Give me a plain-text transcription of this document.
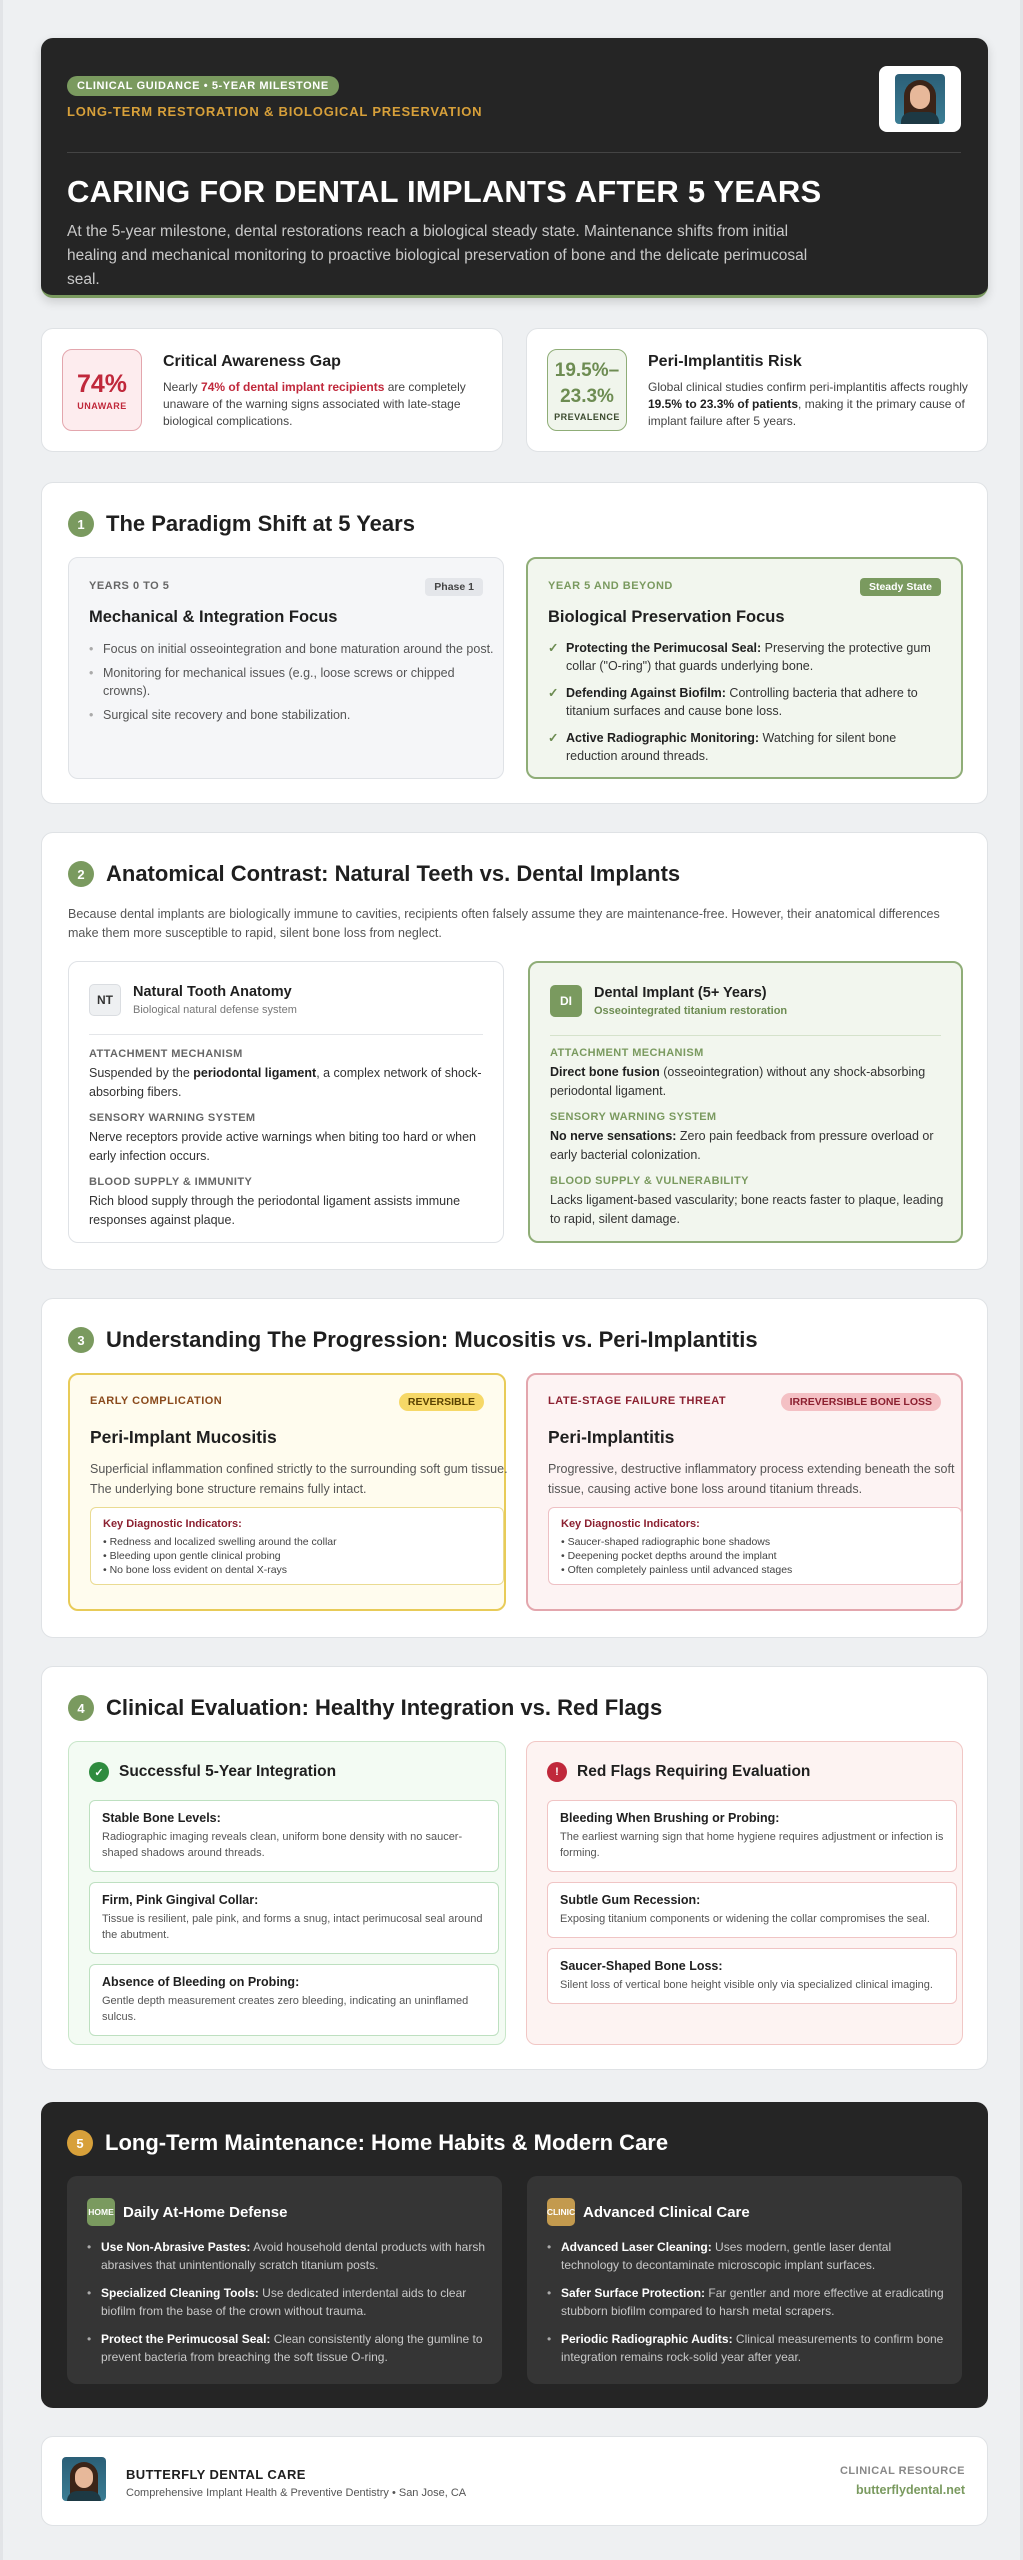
CLINICAL GUIDANCE • 5-YEAR MILESTONE
LONG-TERM RESTORATION & BIOLOGICAL PRESERVATION
CARING FOR DENTAL IMPLANTS AFTER 5 YEARS

At the 5-year milestone, dental restorations reach a biological steady state. Maintenance shifts from initial healing and mechanical monitoring to proactive biological preservation of bone and the delicate perimucosal seal.

74%
UNAWARE
Critical Awareness Gap

Nearly 74% of dental implant recipients are completely unaware of the warning signs associated with late-stage biological complications.

19.5%–
23.3%
PREVALENCE
Peri-Implantitis Risk

Global clinical studies confirm peri-implantitis affects roughly 19.5% to 23.3% of patients, making it the primary cause of implant failure after 5 years.

1 The Paradigm Shift at 5 Years
YEARS 0 TO 5	Phase 1
Mechanical & Integration Focus
• Focus on initial osseointegration and bone maturation around the post.
• Monitoring for mechanical issues (e.g., loose screws or chipped crowns).
• Surgical site recovery and bone stabilization.
YEAR 5 AND BEYOND	Steady State
Biological Preservation Focus
✓ Protecting the Perimucosal Seal: Preserving the protective gum collar ("O-ring") that guards underlying bone.
✓ Defending Against Biofilm: Controlling bacteria that adhere to titanium surfaces and cause bone loss.
✓ Active Radiographic Monitoring: Watching for silent bone reduction around threads.
2 Anatomical Contrast: Natural Teeth vs. Dental Implants

Because dental implants are biologically immune to cavities, recipients often falsely assume they are maintenance-free. However, their anatomical differences make them more susceptible to rapid, silent bone loss from neglect.

NT	Natural Tooth Anatomy
Biological natural defense system
ATTACHMENT MECHANISM
Suspended by the periodontal ligament, a complex network of shock-absorbing fibers.
SENSORY WARNING SYSTEM
Nerve receptors provide active warnings when biting too hard or when early infection occurs.
BLOOD SUPPLY & IMMUNITY
Rich blood supply through the periodontal ligament assists immune responses against plaque.
DI	Dental Implant (5+ Years)
Osseointegrated titanium restoration
ATTACHMENT MECHANISM
Direct bone fusion (osseointegration) without any shock-absorbing periodontal ligament.
SENSORY WARNING SYSTEM
No nerve sensations: Zero pain feedback from pressure overload or early bacterial colonization.
BLOOD SUPPLY & VULNERABILITY
Lacks ligament-based vascularity; bone reacts faster to plaque, leading to rapid, silent damage.
3 Understanding The Progression: Mucositis vs. Peri-Implantitis
EARLY COMPLICATION	REVERSIBLE
Peri-Implant Mucositis

Superficial inflammation confined strictly to the surrounding soft gum tissue. The underlying bone structure remains fully intact.

Key Diagnostic Indicators:
• Redness and localized swelling around the collar
• Bleeding upon gentle clinical probing
• No bone loss evident on dental X-rays
LATE-STAGE FAILURE THREAT	IRREVERSIBLE BONE LOSS
Peri-Implantitis

Progressive, destructive inflammatory process extending beneath the soft tissue, causing active bone loss around titanium threads.

Key Diagnostic Indicators:
• Saucer-shaped radiographic bone shadows
• Deepening pocket depths around the implant
• Often completely painless until advanced stages
4 Clinical Evaluation: Healthy Integration vs. Red Flags
✓ Successful 5-Year Integration
Stable Bone Levels:
Radiographic imaging reveals clean, uniform bone density with no saucer-shaped shadows around threads.
Firm, Pink Gingival Collar:
Tissue is resilient, pale pink, and forms a snug, intact perimucosal seal around the abutment.
Absence of Bleeding on Probing:
Gentle depth measurement creates zero bleeding, indicating an uninflamed sulcus.
!	Red Flags Requiring Evaluation
Bleeding When Brushing or Probing:
The earliest warning sign that home hygiene requires adjustment or infection is forming.
Subtle Gum Recession:
Exposing titanium components or widening the collar compromises the seal.
Saucer-Shaped Bone Loss:
Silent loss of vertical bone height visible only via specialized clinical imaging.
5 Long-Term Maintenance: Home Habits & Modern Care
HOME Daily At-Home Defense
• Use Non-Abrasive Pastes: Avoid household dental products with harsh abrasives that unintentionally scratch titanium posts.
• Specialized Cleaning Tools: Use dedicated interdental aids to clear biofilm from the base of the crown without trauma.
• Protect the Perimucosal Seal: Clean consistently along the gumline to prevent bacteria from breaching the soft tissue O-ring.
CLINIC Advanced Clinical Care
• Advanced Laser Cleaning: Uses modern, gentle laser dental technology to decontaminate microscopic implant surfaces.
• Safer Surface Protection: Far gentler and more effective at eradicating stubborn biofilm compared to harsh metal scrapers.
• Periodic Radiographic Audits: Clinical measurements to confirm bone integration remains rock-solid year after year.
BUTTERFLY DENTAL CARE
Comprehensive Implant Health & Preventive Dentistry • San Jose, CA
CLINICAL RESOURCE
butterflydental.net
